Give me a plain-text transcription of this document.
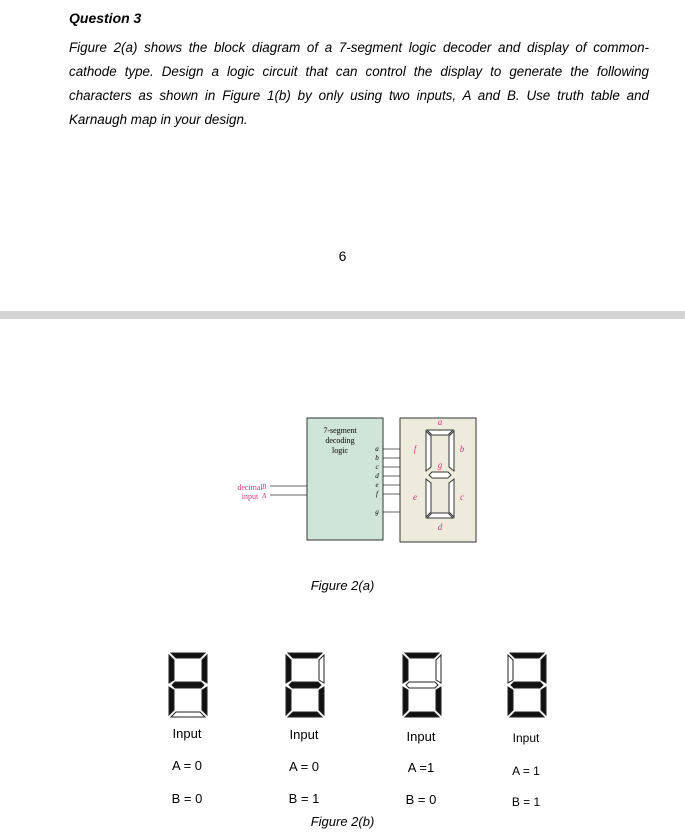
Question 3
Figure 2(a) shows the block diagram of a 7-segment logic decoder and display of common-cathode type. Design a logic circuit that can control the display to generate the following characters as shown in Figure 1(b) by only using two inputs, A and B. Use truth table and Karnaugh map in your design.
6
7-segment
decoding
logic
decimal
input
B
A
a
b
c
d
e
f
g
a
b
c
d
e
f
g
Figure 2(a)
Input
A = 0
B = 0
Input
A = 0
B = 1
Input
A =1
B = 0
Input
A = 1
B = 1
Figure 2(b)
